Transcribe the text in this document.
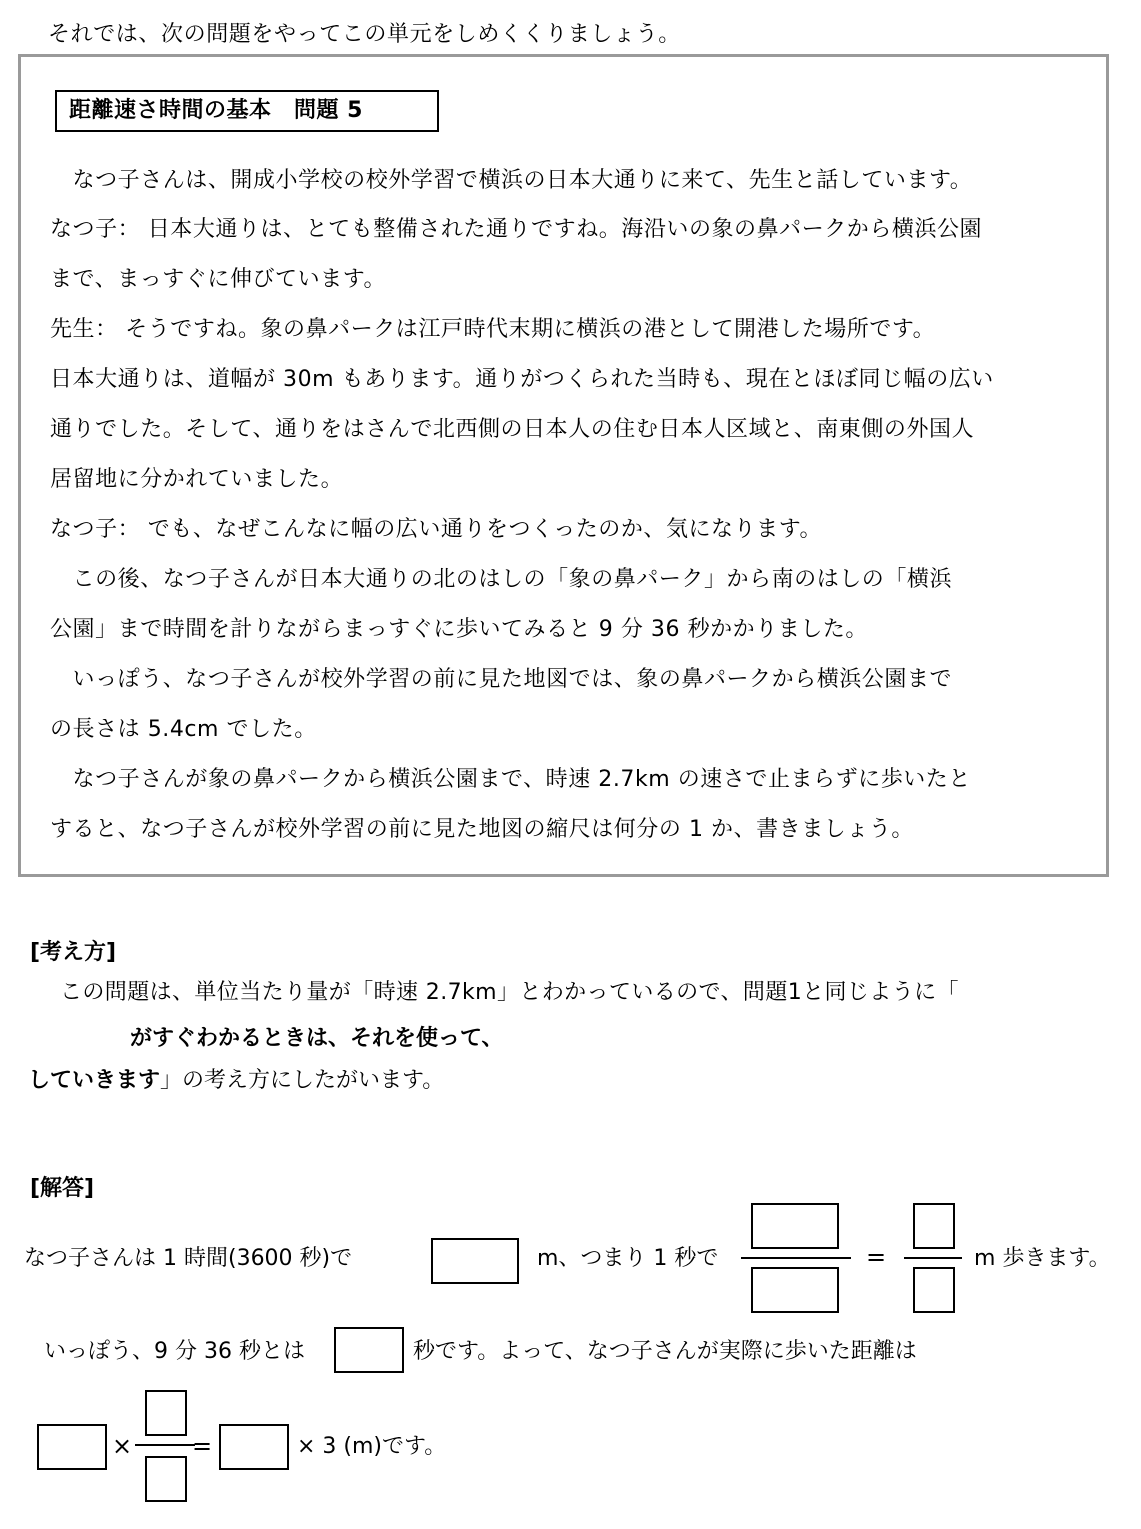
それでは、次の問題をやってこの単元をしめくくりましょう。
距離速さ時間の基本　問題 5
　なつ子さんは、開成小学校の校外学習で横浜の日本大通りに来て、先生と話しています。
なつ子： 日本大通りは、とても整備された通りですね。海沿いの象の鼻パークから横浜公園
まで、まっすぐに伸びています。
先生： そうですね。象の鼻パークは江戸時代末期に横浜の港として開港した場所です。
日本大通りは、道幅が 30m もあります。通りがつくられた当時も、現在とほぼ同じ幅の広い
通りでした。そして、通りをはさんで北西側の日本人の住む日本人区域と、南東側の外国人
居留地に分かれていました。
なつ子： でも、なぜこんなに幅の広い通りをつくったのか、気になります。
　この後、なつ子さんが日本大通りの北のはしの「象の鼻パーク」から南のはしの「横浜
公園」まで時間を計りながらまっすぐに歩いてみると 9 分 36 秒かかりました。
　いっぽう、なつ子さんが校外学習の前に見た地図では、象の鼻パークから横浜公園まで
の長さは 5.4cm でした。
　なつ子さんが象の鼻パークから横浜公園まで、時速 2.7km の速さで止まらずに歩いたと
すると、なつ子さんが校外学習の前に見た地図の縮尺は何分の 1 か、書きましょう。
[考え方]
この問題は、単位当たり量が「時速 2.7km」とわかっているので、問題1と同じように「
がすぐわかるときは、それを使って、
していきます」の考え方にしたがいます。
[解答]
なつ子さんは 1 時間(3600 秒)で	m、つまり 1 秒で	=	m 歩きます。
いっぽう、9 分 36 秒とは	秒です。よって、なつ子さんが実際に歩いた距離は
× =	× 3 (m)です。
